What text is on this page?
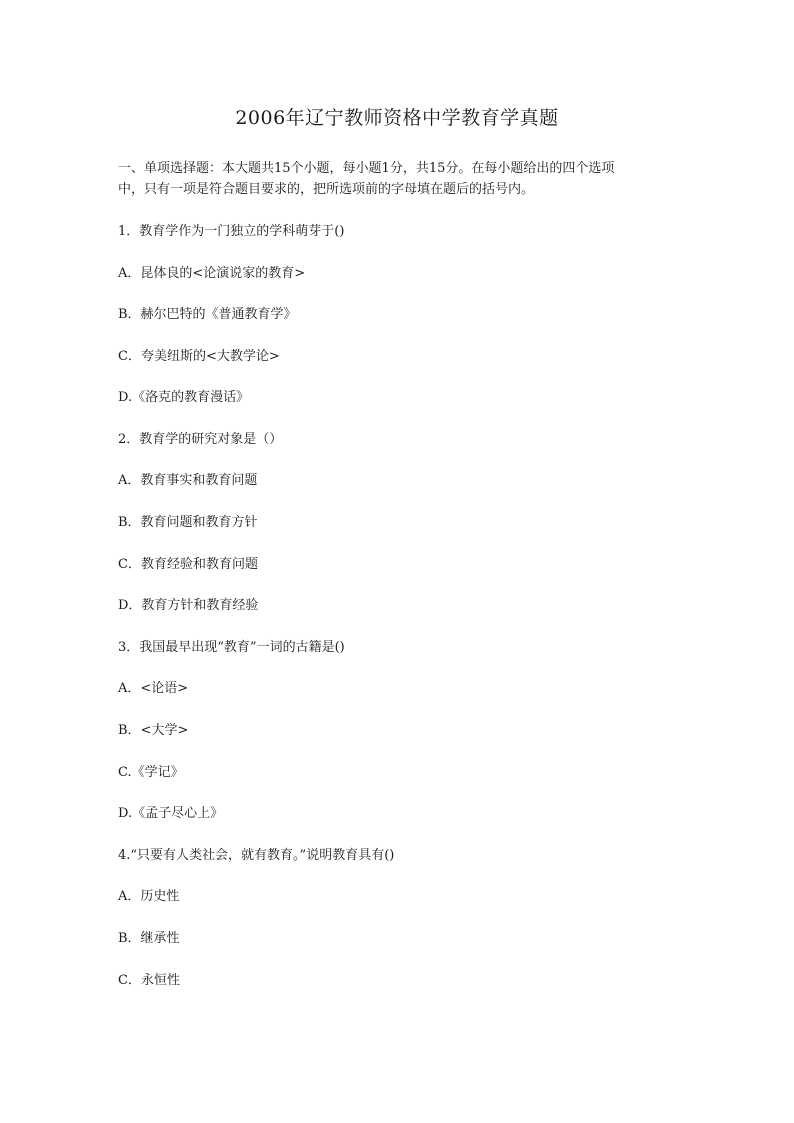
2006年辽宁教师资格中学教育学真题
一、单项选择题：本大题共15个小题，每小题1分，共15分。在每小题给出的四个选项
中，只有一项是符合题目要求的，把所选项前的字母填在题后的括号内。
1．教育学作为一门独立的学科萌芽于()
A．昆体良的<论演说家的教育>
B．赫尔巴特的《普通教育学》
C．夸美纽斯的<大教学论>
D.《洛克的教育漫话》
2．教育学的研究对象是（）
A．教育事实和教育问题
B．教育问题和教育方针
C．教育经验和教育问题
D．教育方针和教育经验
3．我国最早出现“教育”一词的古籍是()
A．<论语>
B．<大学>
C.《学记》
D.《孟子尽心上》
4.“只要有人类社会，就有教育。”说明教育具有()
A．历史性
B．继承性
C．永恒性
